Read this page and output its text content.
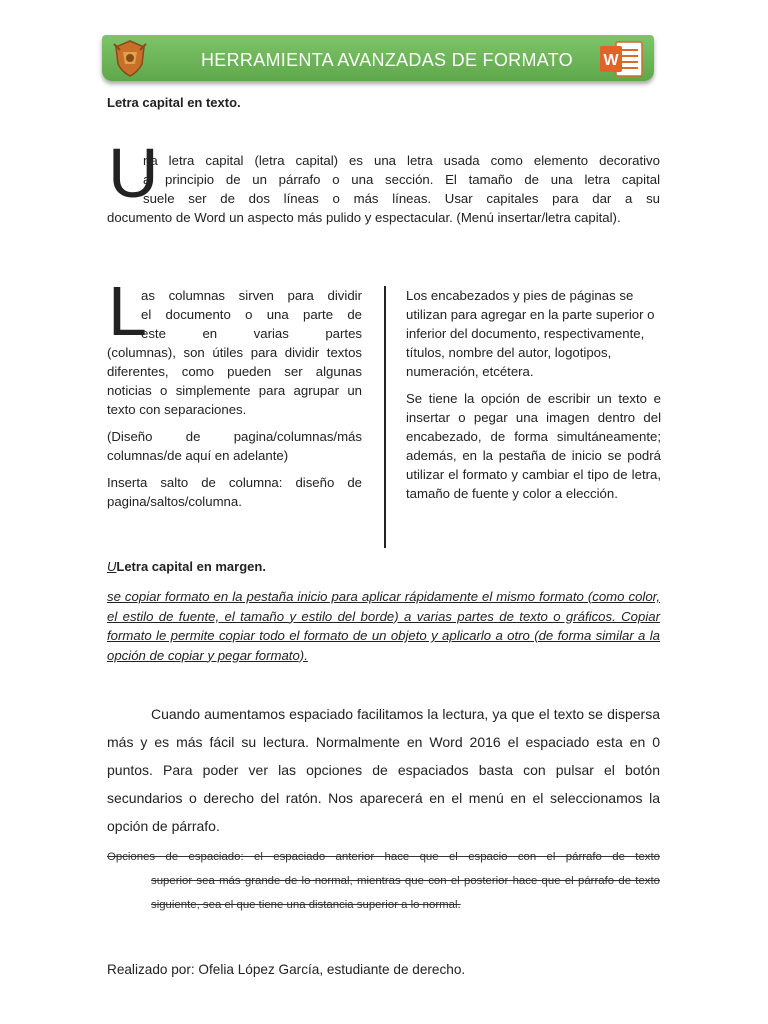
HERRAMIENTA AVANZADAS DE FORMATO	W
Letra capital en texto.
U
na letra capital (letra capital) es una letra usada como elemento decorativo
al principio de un párrafo o una sección. El tamaño de una letra capital
suele ser de dos líneas o más líneas. Usar capitales para dar a su
documento de Word un aspecto más pulido y espectacular. (Menú insertar/letra capital).
L
as columnas sirven para dividir
el documento o una parte de
este en varias partes

(columnas), son útiles para dividir textos diferentes, como pueden ser algunas noticias o simplemente para agrupar un texto con separaciones.

(Diseño de pagina/columnas/más columnas/de aquí en adelante)

Inserta salto de columna: diseño de pagina/saltos/columna.

Los encabezados y pies de páginas se utilizan para agregar en la parte superior o inferior del documento, respectivamente, títulos, nombre del autor, logotipos, numeración, etcétera.

Se tiene la opción de escribir un texto e insertar o pegar una imagen dentro del encabezado, de forma simultáneamente; además, en la pestaña de inicio se podrá utilizar el formato y cambiar el tipo de letra, tamaño de fuente y color a elección.

ULetra capital en margen.
se copiar formato en la pestaña inicio para aplicar rápidamente el mismo formato (como color, el estilo de fuente, el tamaño y estilo del borde) a varias partes de texto o gráficos. Copiar formato le permite copiar todo el formato de un objeto y aplicarlo a otro (de forma similar a la opción de copiar y pegar formato).
Cuando aumentamos espaciado facilitamos la lectura, ya que el texto se dispersa más y es más fácil su lectura. Normalmente en Word 2016 el espaciado esta en 0 puntos. Para poder ver las opciones de espaciados basta con pulsar el botón secundarios o derecho del ratón. Nos aparecerá en el menú en el seleccionamos la opción de párrafo.
Opciones de espaciado: el espaciado anterior hace que el espacio con el párrafo de texto
superior sea más grande de lo normal, mientras que con el posterior hace que el párrafo de texto siguiente, sea el que tiene una distancia superior a lo normal.
Realizado por: Ofelia López García, estudiante de derecho.
